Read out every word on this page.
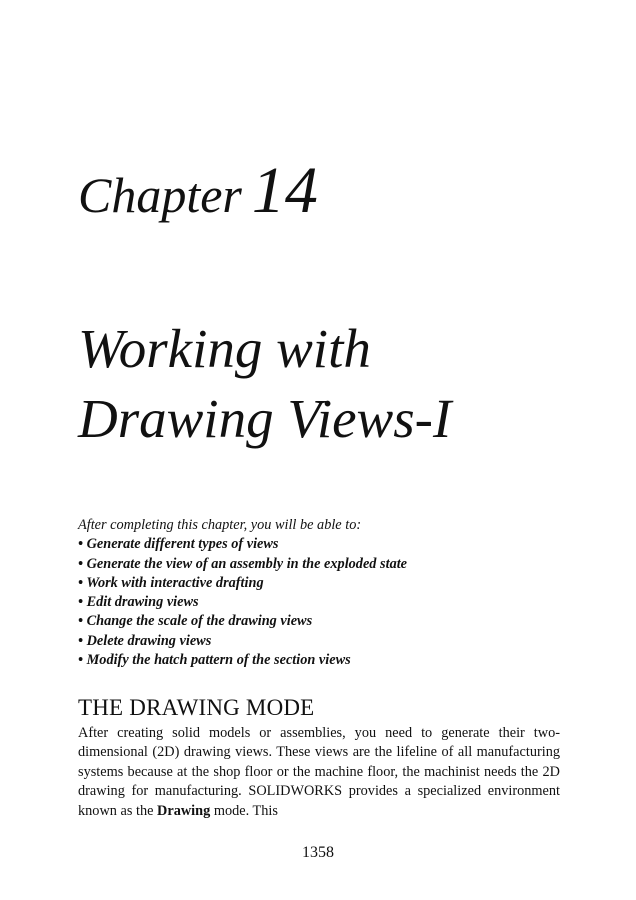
Chapter 14
Working with
Drawing Views-I
After completing this chapter, you will be able to:
• Generate different types of views
• Generate the view of an assembly in the exploded state
• Work with interactive drafting
• Edit drawing views
• Change the scale of the drawing views
• Delete drawing views
• Modify the hatch pattern of the section views
THE DRAWING MODE

After creating solid models or assemblies, you need to generate their two-dimensional (2D) drawing views. These views are the lifeline of all manufacturing systems because at the shop floor or the machine floor, the machinist needs the 2D drawing for manufacturing. SOLIDWORKS provides a specialized environment known as the Drawing mode. This

1358
